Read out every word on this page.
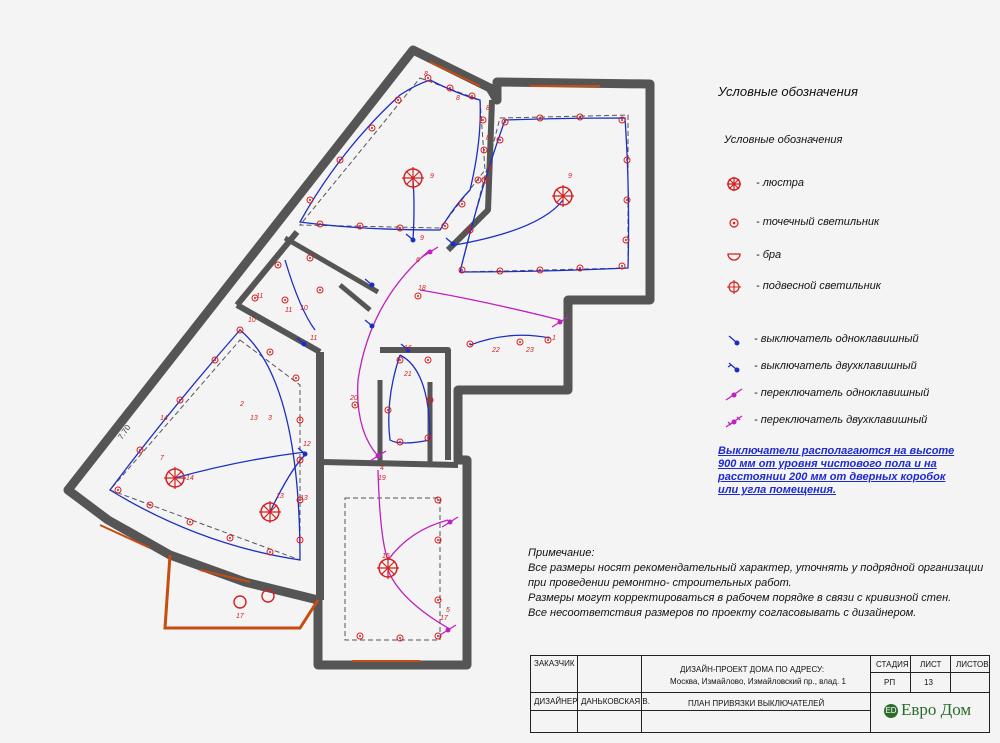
8
8
8
8
8
9	9
9
10
10
11
11
11
12
13
13
13
14
14
15
16
17
17
18
19
20
21
22	23
1
2
3
4
5
6
7
7.70
Условные обозначения
Условные обозначения
- люстра
- точечный светильник
- бра
- подвесной светильник
- выключатель одноклавишный
- выключатель двухклавишный
- переключатель одноклавишный
- переключатель двухклавишный
Выключатели располагаются на высоте 900 мм от уровня чистового пола и на расстоянии 200 мм от дверных коробок или угла помещения.
Примечание:
Все размеры носят рекомендательный характер, уточнять у подрядной организации
при проведении ремонтно- строительных работ.
Размеры могут корректироваться в рабочем порядке в связи с кривизной стен.
Все несоответствия размеров по проекту согласовывать с дизайнером.
ЗАКАЗЧИК
ДИЗАЙНЕР ДАНЬКОВСКАЯ В.
ДИЗАЙН-ПРОЕКТ ДОМА ПО АДРЕСУ:
Москва, Измайлово, Измайловский пр., влад. 1
ПЛАН ПРИВЯЗКИ ВЫКЛЮЧАТЕЛЕЙ
СТАДИЯ ЛИСТ ЛИСТОВ
РП	13
ED Евро Дом
